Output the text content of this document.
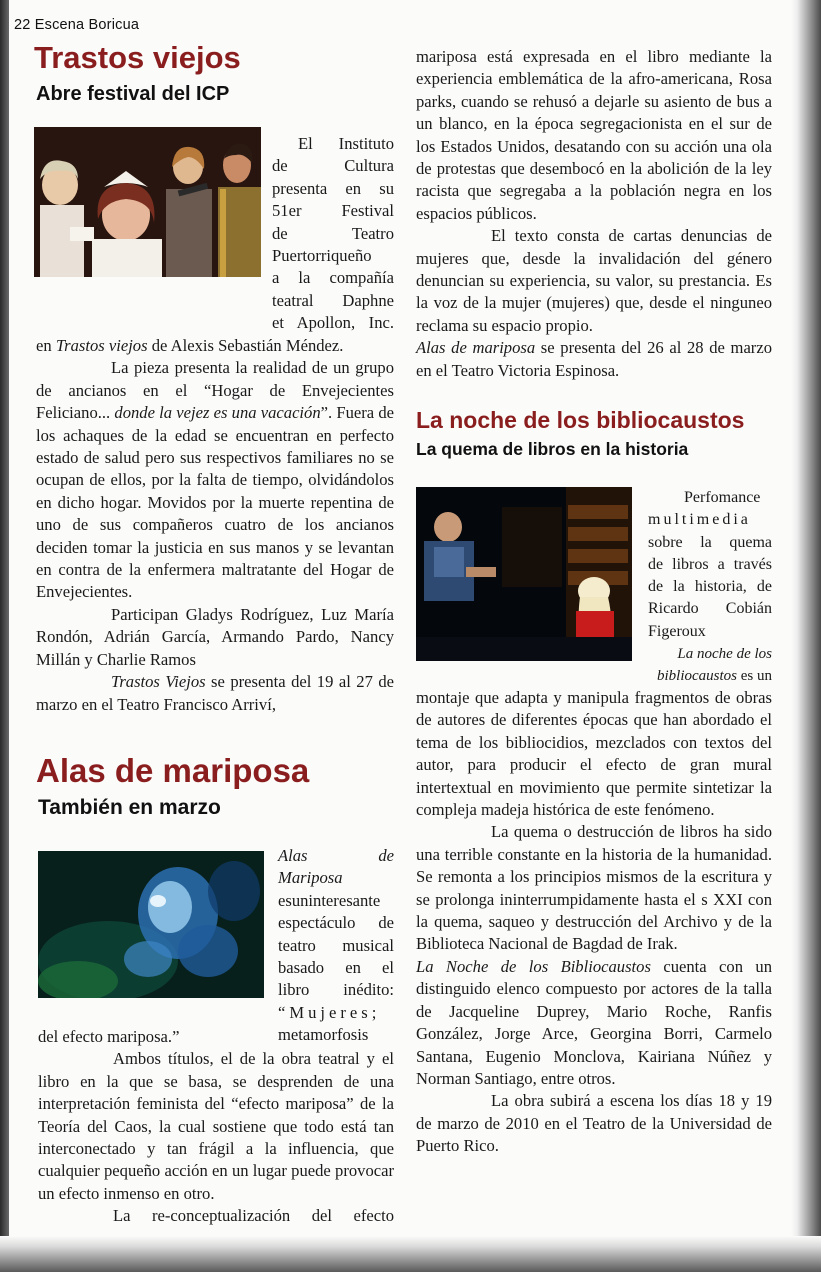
22 Escena Boricua
Trastos viejos
Abre festival del ICP
El Instituto
de Cultura
presenta en su
51er Festival
de Teatro
Puertorriqueño
a la compañía
teatral Daphne
et Apollon, Inc.
en Trastos viejos de Alexis Sebastián Méndez.
La pieza presenta la realidad de un grupo de ancianos en el “Hogar de Envejecientes Feliciano... donde la vejez es una vacación”. Fuera de los achaques de la edad se encuentran en perfecto estado de salud pero sus respectivos familiares no se ocupan de ellos, por la falta de tiempo, olvidándolos en dicho hogar. Movidos por la muerte repentina de uno de sus compañeros cuatro de los ancianos deciden tomar la justicia en sus manos y se levantan en contra de la enfermera maltratante del Hogar de Envejecientes.
Participan Gladys Rodríguez, Luz María Rondón, Adrián García, Armando Pardo, Nancy Millán y Charlie Ramos
Trastos Viejos se presenta del 19 al 27 de marzo en el Teatro Francisco Arriví,
Alas de mariposa
También en marzo
Alas de Mariposa
esuninteresante
espectáculo de
teatro musical
basado en el
libro inédito:
“Mujeres;
metamorfosis
del efecto mariposa.”
Ambos títulos, el de la obra teatral y el libro en la que se basa, se desprenden de una interpretación feminista del “efecto mariposa” de la Teoría del Caos, la cual sostiene que todo está tan interconectado y tan frágil a la influencia, que cualquier pequeño acción en un lugar puede provocar un efecto inmenso en otro.
La re-conceptualización del efecto
mariposa está expresada en el libro mediante la experiencia emblemática de la afro-americana, Rosa parks, cuando se rehusó a dejarle su asiento de bus a un blanco, en la época segregacionista en el sur de los Estados Unidos, desatando con su acción una ola de protestas que desembocó en la abolición de la ley racista que segregaba a la población negra en los espacios públicos.
El texto consta de cartas denuncias de mujeres que, desde la invalidación del género denuncian su experiencia, su valor, su prestancia. Es la voz de la mujer (mujeres) que, desde el ninguneo reclama su espacio propio.
Alas de mariposa se presenta del 26 al 28 de marzo en el Teatro Victoria Espinosa.
La noche de los bibliocaustos
La quema de libros en la historia
Perfomance
multimedia
sobre la quema
de libros a través
de la historia, de
Ricardo Cobián
Figeroux
La noche de los bibliocaustos es un
montaje que adapta y manipula fragmentos de obras de autores de diferentes épocas que han abordado el tema de los bibliocidios, mezclados con textos del autor, para producir el efecto de gran mural intertextual en movimiento que permite sintetizar la compleja madeja histórica de este fenómeno.
La quema o destrucción de libros ha sido una terrible constante en la historia de la humanidad. Se remonta a los principios mismos de la escritura y se prolonga ininterrumpidamente hasta el s XXI con la quema, saqueo y destrucción del Archivo y de la Biblioteca Nacional de Bagdad de Irak.
La Noche de los Bibliocaustos cuenta con un distinguido elenco compuesto por actores de la talla de Jacqueline Duprey, Mario Roche, Ranfis González, Jorge Arce, Georgina Borri, Carmelo Santana, Eugenio Monclova, Kairiana Núñez y Norman Santiago, entre otros.
La obra subirá a escena los días 18 y 19 de marzo de 2010 en el Teatro de la Universidad de Puerto Rico.
